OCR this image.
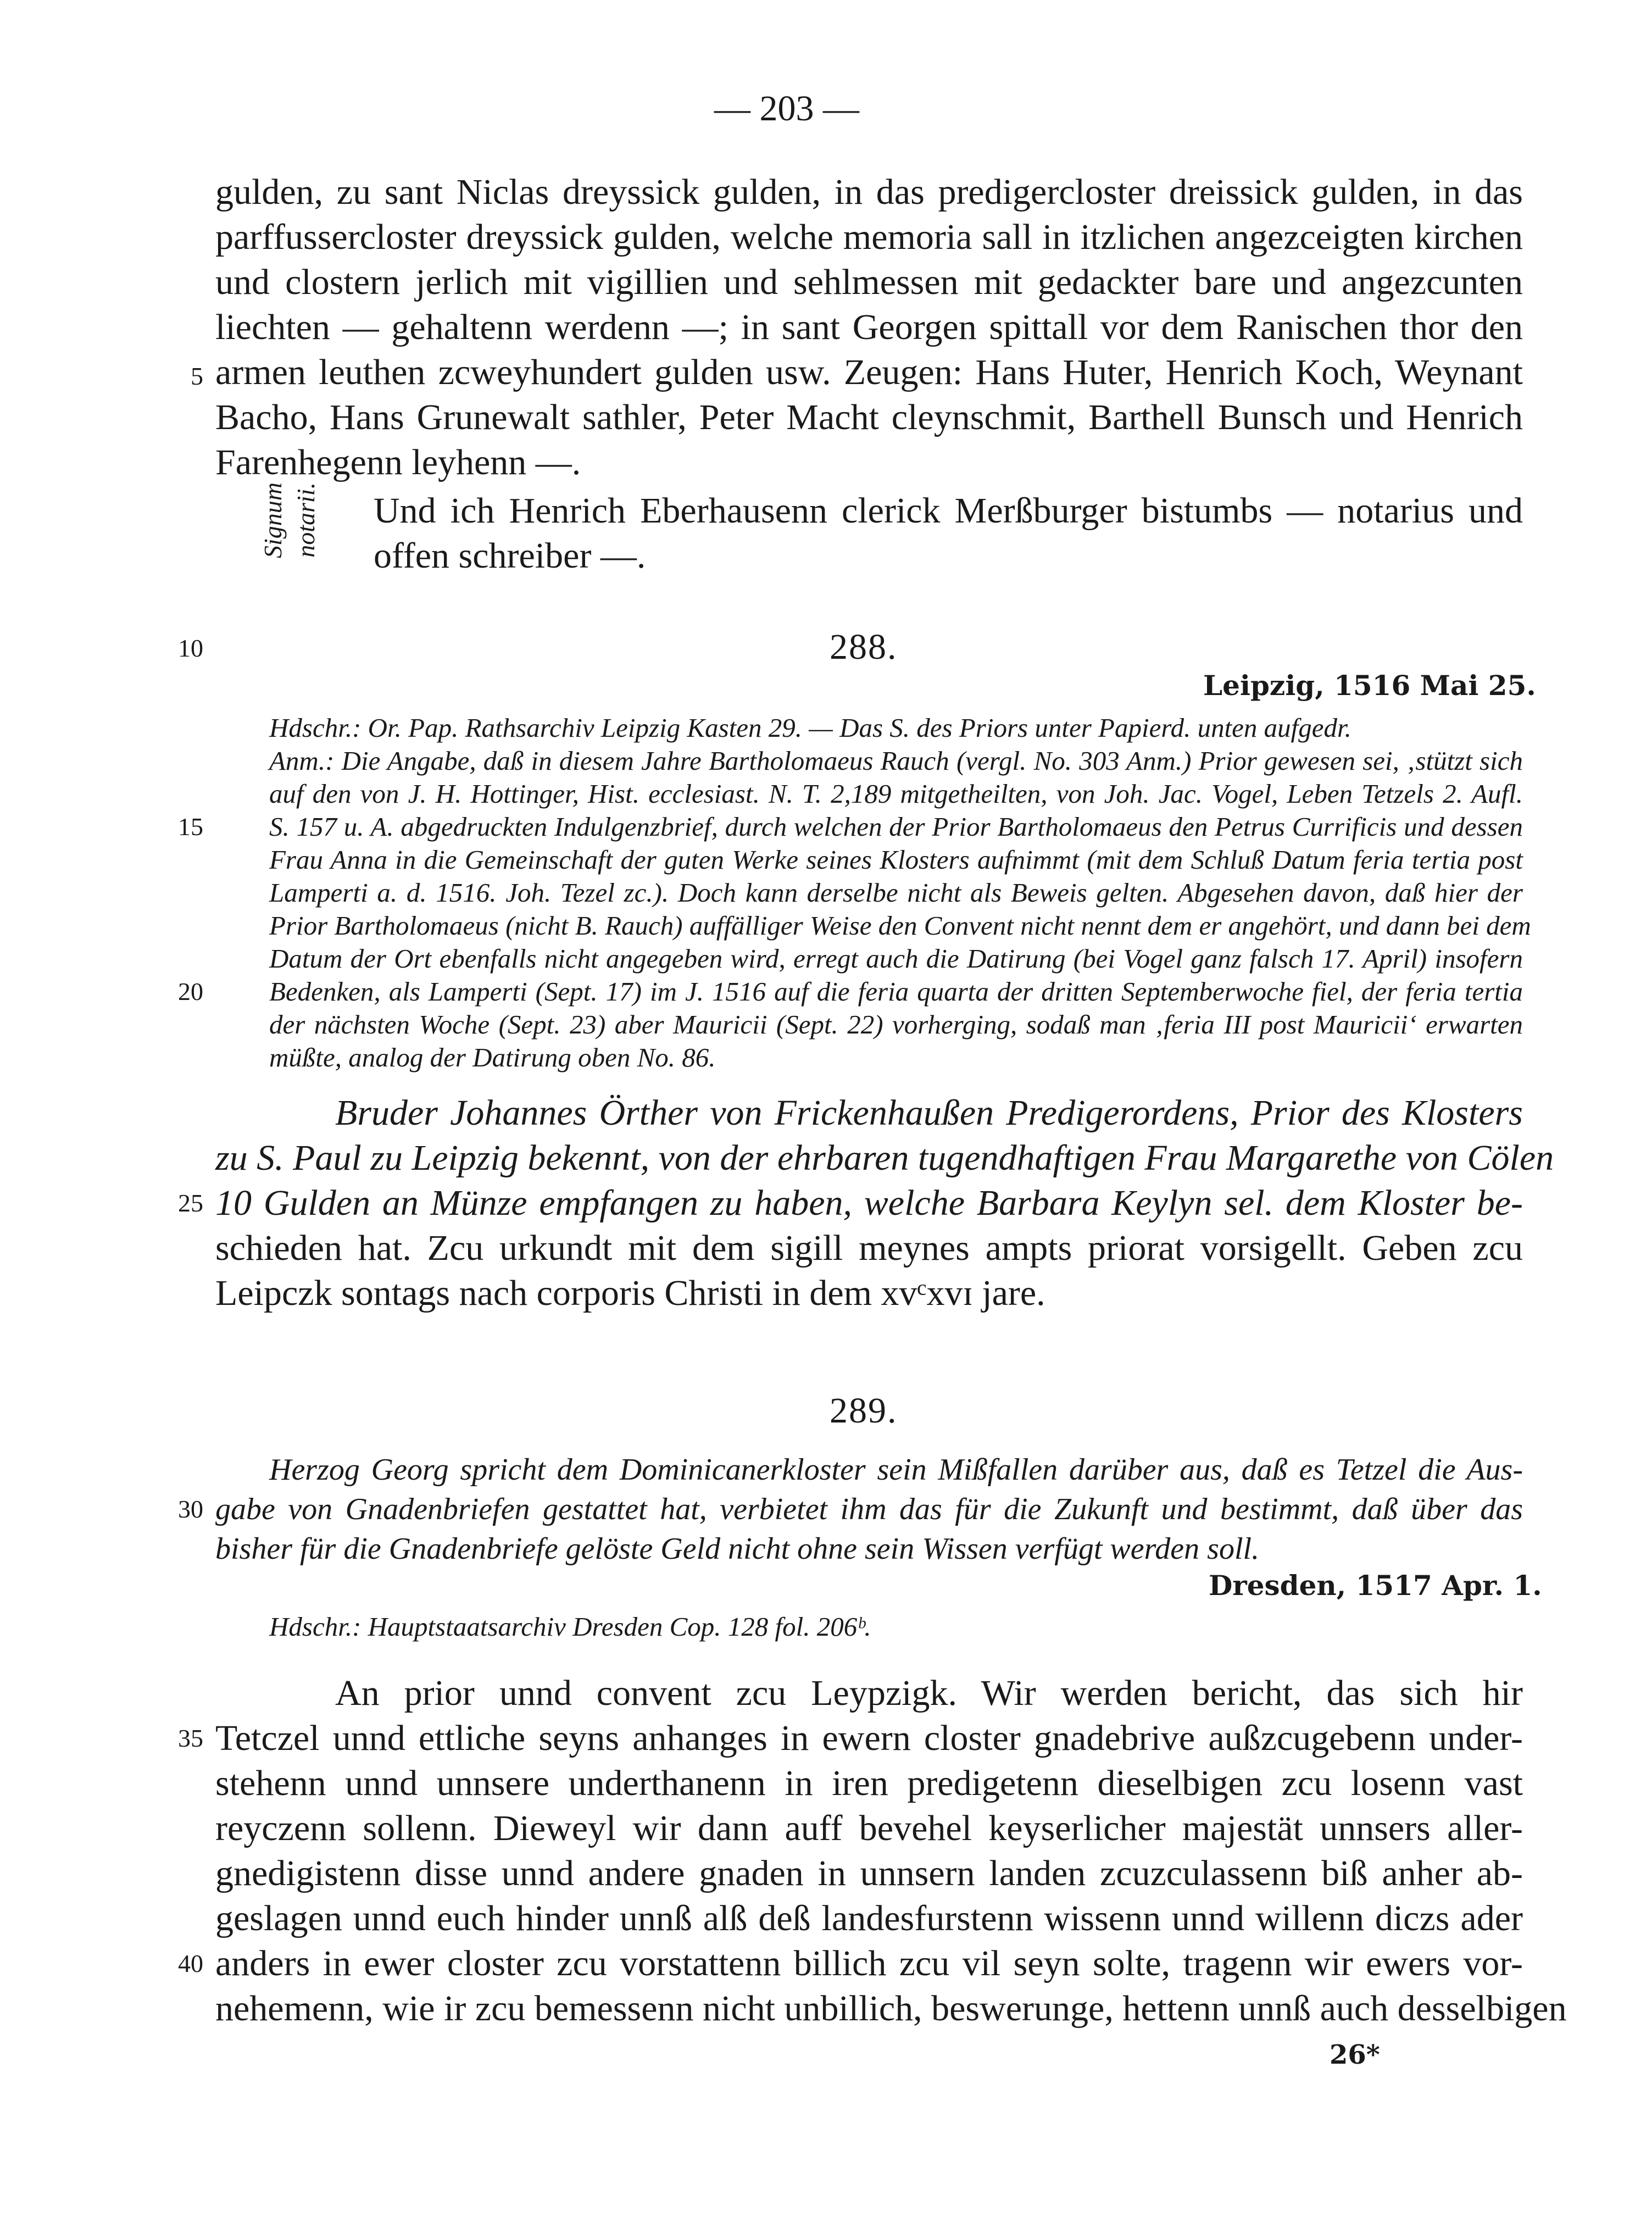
— 203 —
gulden, zu sant Niclas dreyssick gulden, in das predigercloster dreissick gulden, in das
parffussercloster dreyssick gulden, welche memoria sall in itzlichen angezceigten kirchen
und clostern jerlich mit vigillien und sehlmessen mit gedackter bare und angezcunten
liechten — gehaltenn werdenn —; in sant Georgen spittall vor dem Ranischen thor den
5 armen leuthen zcweyhundert gulden usw. Zeugen: Hans Huter, Henrich Koch, Weynant
Bacho, Hans Grunewalt sathler, Peter Macht cleynschmit, Barthell Bunsch und Henrich
Farenhegenn leyhenn —.
Signum notarii. Und ich Henrich Eberhausenn clerick Merßburger bistumbs — notarius und
offen schreiber —.
10	288.
Leipzig, 1516 Mai 25.
Hdschr.: Or. Pap. Rathsarchiv Leipzig Kasten 29. — Das S. des Priors unter Papierd. unten aufgedr.
Anm.: Die Angabe, daß in diesem Jahre Bartholomaeus Rauch (vergl. No. 303 Anm.) Prior gewesen sei, ‚stützt sich
auf den von J. H. Hottinger, Hist. ecclesiast. N. T. 2,189 mitgetheilten, von Joh. Jac. Vogel, Leben Tetzels 2. Aufl.
15 S. 157 u. A. abgedruckten Indulgenzbrief, durch welchen der Prior Bartholomaeus den Petrus Currificis und dessen
Frau Anna in die Gemeinschaft der guten Werke seines Klosters aufnimmt (mit dem Schluß Datum feria tertia post
Lamperti a. d. 1516. Joh. Tezel zc.). Doch kann derselbe nicht als Beweis gelten. Abgesehen davon, daß hier der
Prior Bartholomaeus (nicht B. Rauch) auffälliger Weise den Convent nicht nennt dem er angehört, und dann bei dem
Datum der Ort ebenfalls nicht angegeben wird, erregt auch die Datirung (bei Vogel ganz falsch 17. April) insofern
20 Bedenken, als Lamperti (Sept. 17) im J. 1516 auf die feria quarta der dritten Septemberwoche fiel, der feria tertia
der nächsten Woche (Sept. 23) aber Mauricii (Sept. 22) vorherging, sodaß man ‚feria III post Mauricii‘ erwarten
müßte, analog der Datirung oben No. 86.
Bruder Johannes Örther von Frickenhaußen Predigerordens, Prior des Klosters
zu S. Paul zu Leipzig bekennt, von der ehrbaren tugendhaftigen Frau Margarethe von Cölen
25 10 Gulden an Münze empfangen zu haben, welche Barbara Keylyn sel. dem Kloster be-
schieden hat. Zcu urkundt mit dem sigill meynes ampts priorat vorsigellt. Geben zcu
Leipczk sontags nach corporis Christi in dem xvᶜxvɪ jare.
289.
Herzog Georg spricht dem Dominicanerkloster sein Mißfallen darüber aus, daß es Tetzel die Aus-
30 gabe von Gnadenbriefen gestattet hat, verbietet ihm das für die Zukunft und bestimmt, daß über das
bisher für die Gnadenbriefe gelöste Geld nicht ohne sein Wissen verfügt werden soll.
Dresden, 1517 Apr. 1.
Hdschr.: Hauptstaatsarchiv Dresden Cop. 128 fol. 206ᵇ.
An prior unnd convent zcu Leypzigk. Wir werden bericht, das sich hir
35 Tetczel unnd ettliche seyns anhanges in ewern closter gnadebrive außzcugebenn under-
stehenn unnd unnsere underthanenn in iren predigetenn dieselbigen zcu losenn vast
reyczenn sollenn. Dieweyl wir dann auff bevehel keyserlicher majestät unnsers aller-
gnedigistenn disse unnd andere gnaden in unnsern landen zcuzculassenn biß anher ab-
geslagen unnd euch hinder unnß alß deß landesfurstenn wissenn unnd willenn diczs ader
40 anders in ewer closter zcu vorstattenn billich zcu vil seyn solte, tragenn wir ewers vor-
nehemenn, wie ir zcu bemessenn nicht unbillich, beswerunge, hettenn unnß auch desselbigen
26*
